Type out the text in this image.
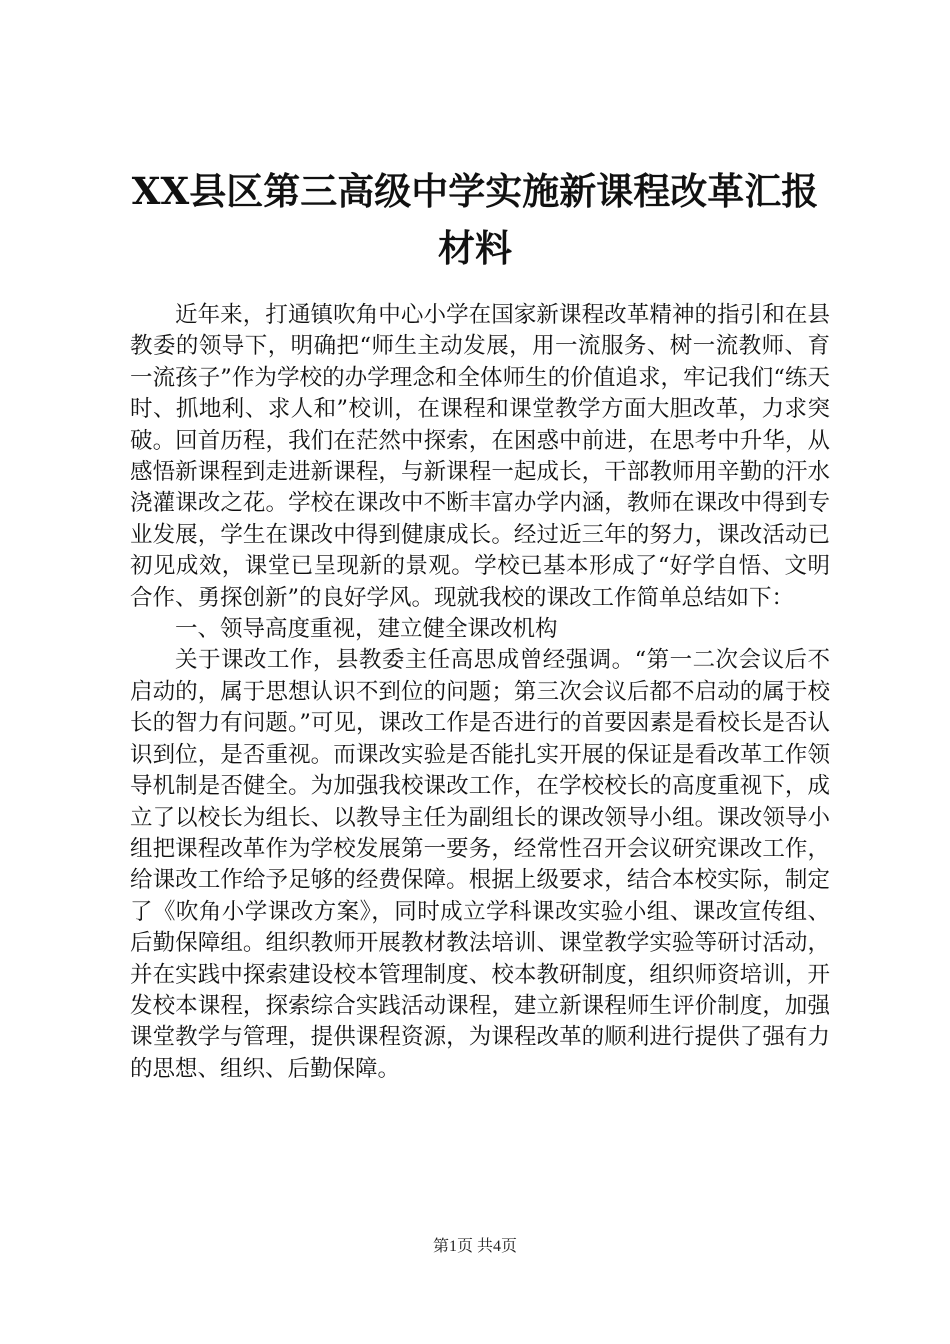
XX县区第三高级中学实施新课程改革汇报材料

近年来，打通镇吹角中心小学在国家新课程改革精神的指引和在县教委的领导下，明确把“师生主动发展，用一流服务、树一流教师、育一流孩子”作为学校的办学理念和全体师生的价值追求，牢记我们“练天时、抓地利、求人和”校训，在课程和课堂教学方面大胆改革，力求突破。回首历程，我们在茫然中探索，在困惑中前进，在思考中升华，从感悟新课程到走进新课程，与新课程一起成长，干部教师用辛勤的汗水浇灌课改之花。学校在课改中不断丰富办学内涵，教师在课改中得到专业发展，学生在课改中得到健康成长。经过近三年的努力，课改活动已初见成效，课堂已呈现新的景观。学校已基本形成了“好学自悟、文明合作、勇探创新”的良好学风。现就我校的课改工作简单总结如下：

一、领导高度重视，建立健全课改机构

关于课改工作，县教委主任高思成曾经强调。“第一二次会议后不启动的，属于思想认识不到位的问题；第三次会议后都不启动的属于校长的智力有问题。”可见，课改工作是否进行的首要因素是看校长是否认识到位，是否重视。而课改实验是否能扎实开展的保证是看改革工作领导机制是否健全。为加强我校课改工作，在学校校长的高度重视下，成立了以校长为组长、以教导主任为副组长的课改领导小组。课改领导小组把课程改革作为学校发展第一要务，经常性召开会议研究课改工作，给课改工作给予足够的经费保障。根据上级要求，结合本校实际，制定了《吹角小学课改方案》，同时成立学科课改实验小组、课改宣传组、后勤保障组。组织教师开展教材教法培训、课堂教学实验等研讨活动，并在实践中探索建设校本管理制度、校本教研制度，组织师资培训，开发校本课程，探索综合实践活动课程，建立新课程师生评价制度，加强课堂教学与管理，提供课程资源，为课程改革的顺利进行提供了强有力的思想、组织、后勤保障。

第1页 共4页
